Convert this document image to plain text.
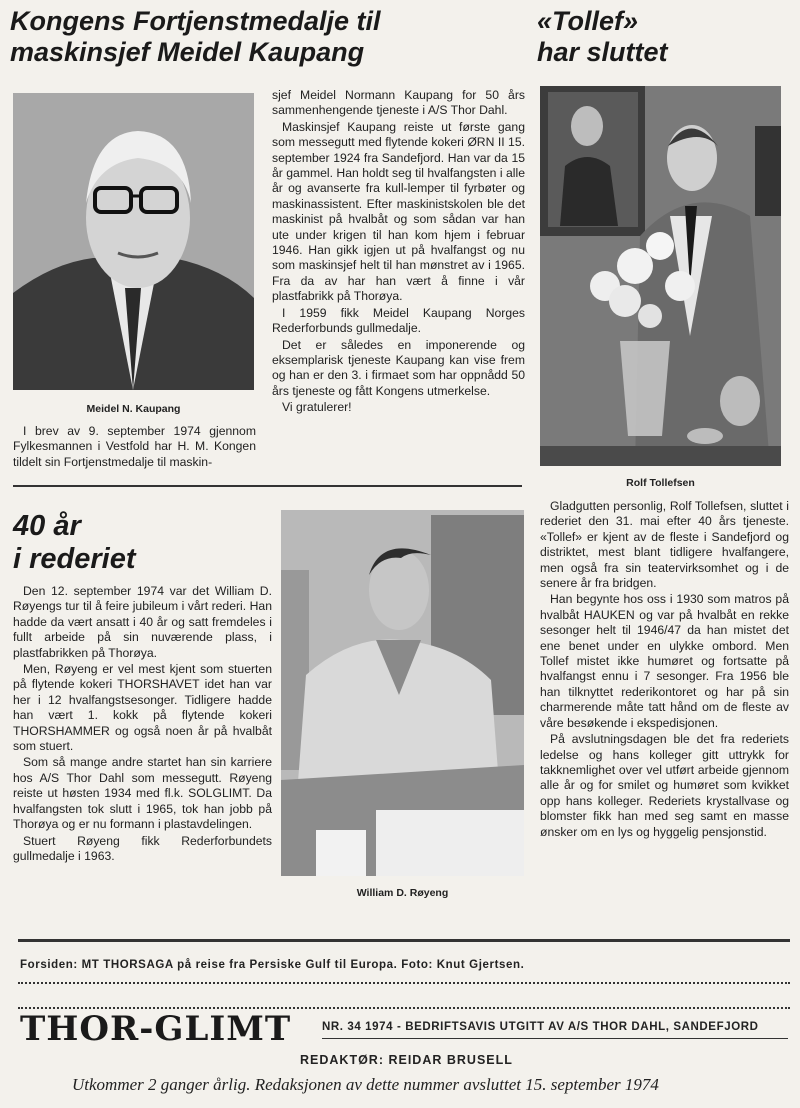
Kongens Fortjenstmedalje til
maskinsjef Meidel Kaupang
Meidel N. Kaupang

I brev av 9. september 1974 gjennom Fylkesmannen i Vestfold har H. M. Kongen tildelt sin Fortjenstmedalje til maskin-

sjef Meidel Normann Kaupang for 50 års sammenhengende tjeneste i A/S Thor Dahl.

Maskinsjef Kaupang reiste ut første gang som messegutt med flytende kokeri ØRN II 15. september 1924 fra Sandefjord. Han var da 15 år gammel. Han holdt seg til hvalfangsten i alle år og avanserte fra kull-lemper til fyrbøter og maskinassistent. Efter maskinistskolen ble det maskinist på hvalbåt og som sådan var han ute under krigen til han kom hjem i februar 1946. Han gikk igjen ut på hvalfangst og nu som maskinsjef helt til han mønstret av i 1965. Fra da av har han vært å finne i vår plastfabrikk på Thorøya.

I 1959 fikk Meidel Kaupang Norges Rederforbunds gullmedalje.

Det er således en imponerende og eksemplarisk tjeneste Kaupang kan vise frem og han er den 3. i firmaet som har oppnådd 50 års tjeneste og fått Kongens utmerkelse.

Vi gratulerer!

«Tollef»
har sluttet
Rolf Tollefsen

Gladgutten personlig, Rolf Tollefsen, sluttet i rederiet den 31. mai efter 40 års tjeneste. «Tollef» er kjent av de fleste i Sandefjord og distriktet, mest blant tidligere hvalfangere, men også fra sin teatervirksomhet og i de senere år fra bridgen.

Han begynte hos oss i 1930 som matros på hvalbåt HAUKEN og var på hvalbåt en rekke sesonger helt til 1946/47 da han mistet det ene benet under en ulykke ombord. Men Tollef mistet ikke humøret og fortsatte på hvalfangst ennu i 7 sesonger. Fra 1956 ble han tilknyttet rederikontoret og har på sin charmerende måte tatt hånd om de fleste av våre besøkende i ekspedisjonen.

På avslutningsdagen ble det fra rederiets ledelse og hans kolleger gitt uttrykk for takknemlighet over vel utført arbeide gjennom alle år og for smilet og humøret som kvikket opp hans kolleger. Rederiets krystallvase og blomster fikk han med seg samt en masse ønsker om en lys og hyggelig pensjonstid.

40 år
i rederiet

Den 12. september 1974 var det William D. Røyengs tur til å feire jubileum i vårt rederi. Han hadde da vært ansatt i 40 år og satt fremdeles i fullt arbeide på sin nuværende plass, i plastfabrikken på Thorøya.

Men, Røyeng er vel mest kjent som stuerten på flytende kokeri THORSHAVET idet han var her i 12 hvalfangstsesonger. Tidligere hadde han vært 1. kokk på flytende kokeri THORSHAMMER og også noen år på hvalbåt som stuert.

Som så mange andre startet han sin karriere hos A/S Thor Dahl som messegutt. Røyeng reiste ut høsten 1934 med fl.k. SOLGLIMT. Da hvalfangsten tok slutt i 1965, tok han jobb på Thorøya og er nu formann i plastavdelingen.

Stuert Røyeng fikk Rederforbundets gullmedalje i 1963.

William D. Røyeng
Forsiden: MT THORSAGA på reise fra Persiske Gulf til Europa. Foto: Knut Gjertsen.
THOR-GLIMT	NR. 34 1974 - BEDRIFTSAVIS UTGITT AV A/S THOR DAHL, SANDEFJORD
REDAKTØR: REIDAR BRUSELL
Utkommer 2 ganger årlig. Redaksjonen av dette nummer avsluttet 15. september 1974
